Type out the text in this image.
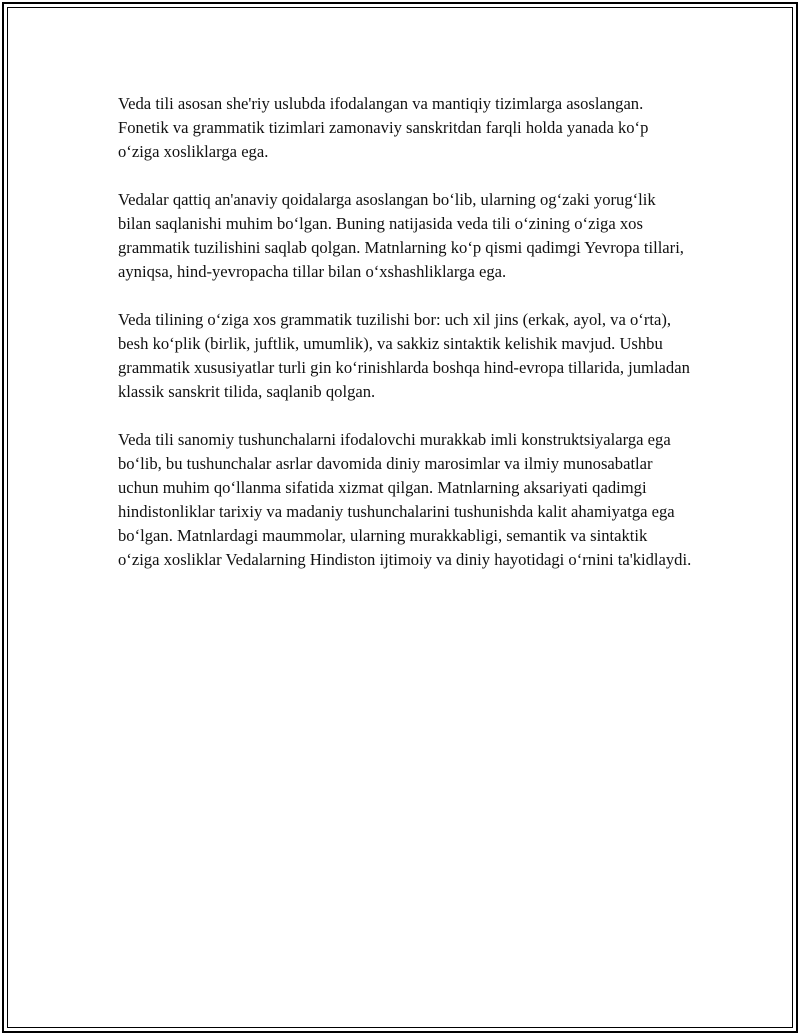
Veda tili asosan she'riy uslubda ifodalangan va mantiqiy tizimlarga asoslangan. Fonetik va grammatik tizimlari zamonaviy sanskritdan farqli holda yanada ko‘p o‘ziga xosliklarga ega.

Vedalar qattiq an'anaviy qoidalarga asoslangan bo‘lib, ularning og‘zaki yorug‘lik bilan saqlanishi muhim bo‘lgan. Buning natijasida veda tili o‘zining o‘ziga xos grammatik tuzilishini saqlab qolgan. Matnlarning ko‘p qismi qadimgi Yevropa tillari, ayniqsa, hind-yevropacha tillar bilan o‘xshashliklarga ega.

Veda tilining o‘ziga xos grammatik tuzilishi bor: uch xil jins (erkak, ayol, va o‘rta), besh ko‘plik (birlik, juftlik, umumlik), va sakkiz sintaktik kelishik mavjud. Ushbu grammatik xususiyatlar turli gin ko‘rinishlarda boshqa hind-evropa tillarida, jumladan klassik sanskrit tilida, saqlanib qolgan.

Veda tili sanomiy tushunchalarni ifodalovchi murakkab imli konstruktsiyalarga ega bo‘lib, bu tushunchalar asrlar davomida diniy marosimlar va ilmiy munosabatlar uchun muhim qo‘llanma sifatida xizmat qilgan. Matnlarning aksariyati qadimgi hindistonliklar tarixiy va madaniy tushunchalarini tushunishda kalit ahamiyatga ega bo‘lgan. Matnlardagi maummolar, ularning murakkabligi, semantik va sintaktik o‘ziga xosliklar Vedalarning Hindiston ijtimoiy va diniy hayotidagi o‘rnini ta'kidlaydi.
